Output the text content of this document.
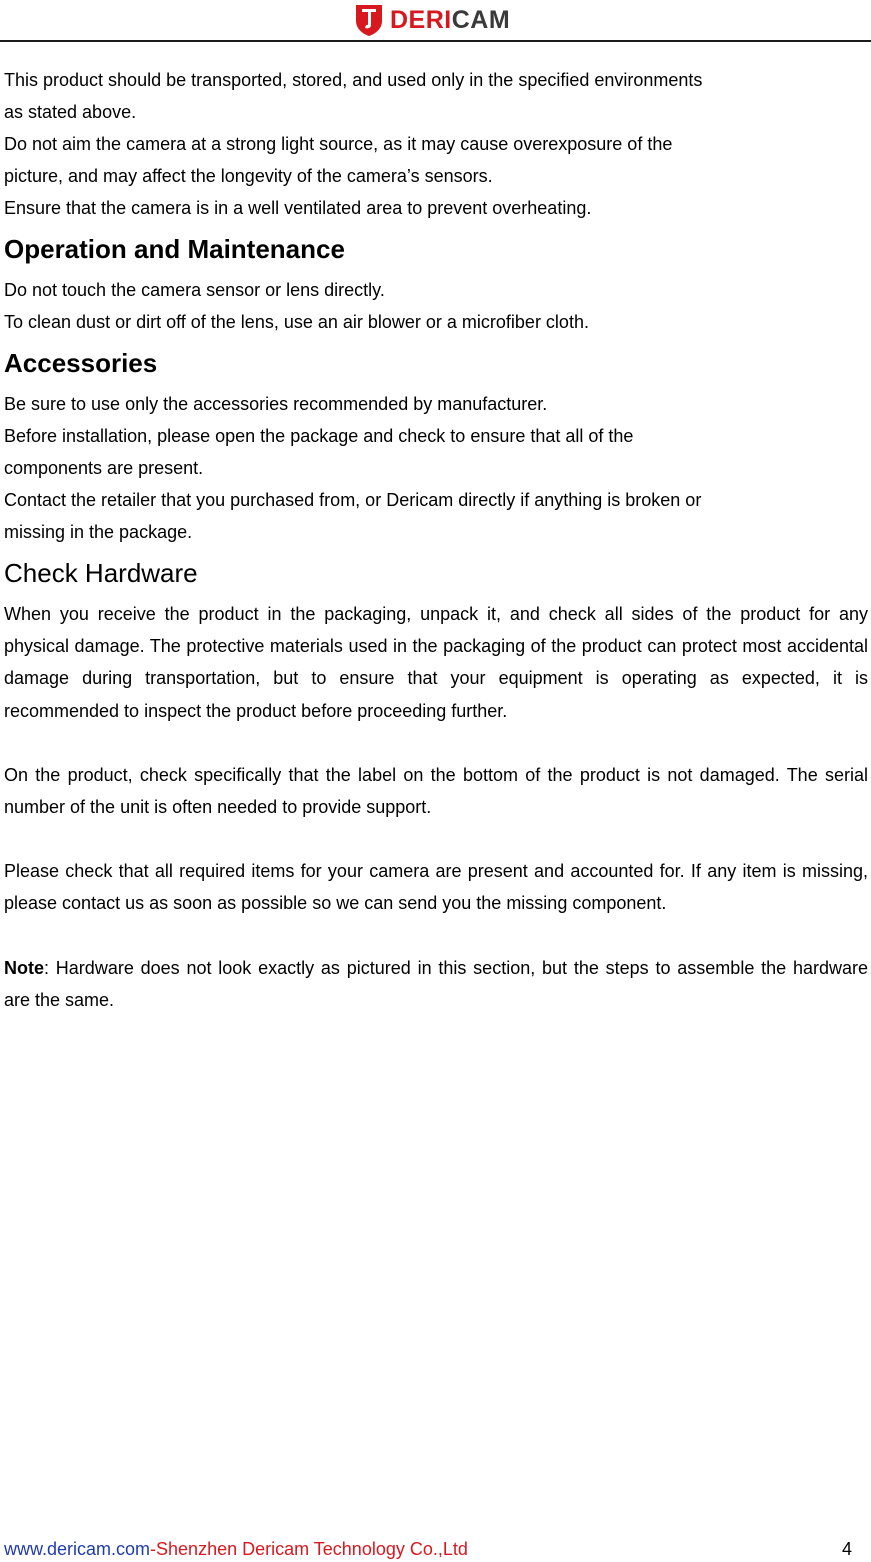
DERICAM

This product should be transported, stored, and used only in the specified environments

as stated above.

Do not aim the camera at a strong light source, as it may cause overexposure of the

picture, and may affect the longevity of the camera’s sensors.

Ensure that the camera is in a well ventilated area to prevent overheating.

Operation and Maintenance

Do not touch the camera sensor or lens directly.

To clean dust or dirt off of the lens, use an air blower or a microfiber cloth.

Accessories

Be sure to use only the accessories recommended by manufacturer.

Before installation, please open the package and check to ensure that all of the

components are present.

Contact the retailer that you purchased from, or Dericam directly if anything is broken or

missing in the package.

Check Hardware

When you receive the product in the packaging, unpack it, and check all sides of the product for any physical damage. The protective materials used in the packaging of the product can protect most accidental damage during transportation, but to ensure that your equipment is operating as expected, it is recommended to inspect the product before proceeding further.

On the product, check specifically that the label on the bottom of the product is not damaged. The serial number of the unit is often needed to provide support.

Please check that all required items for your camera are present and accounted for. If any item is missing, please contact us as soon as possible so we can send you the missing component.

Note: Hardware does not look exactly as pictured in this section, but the steps to assemble the hardware are the same.

www.dericam.com-Shenzhen Dericam Technology Co.,Ltd	4
